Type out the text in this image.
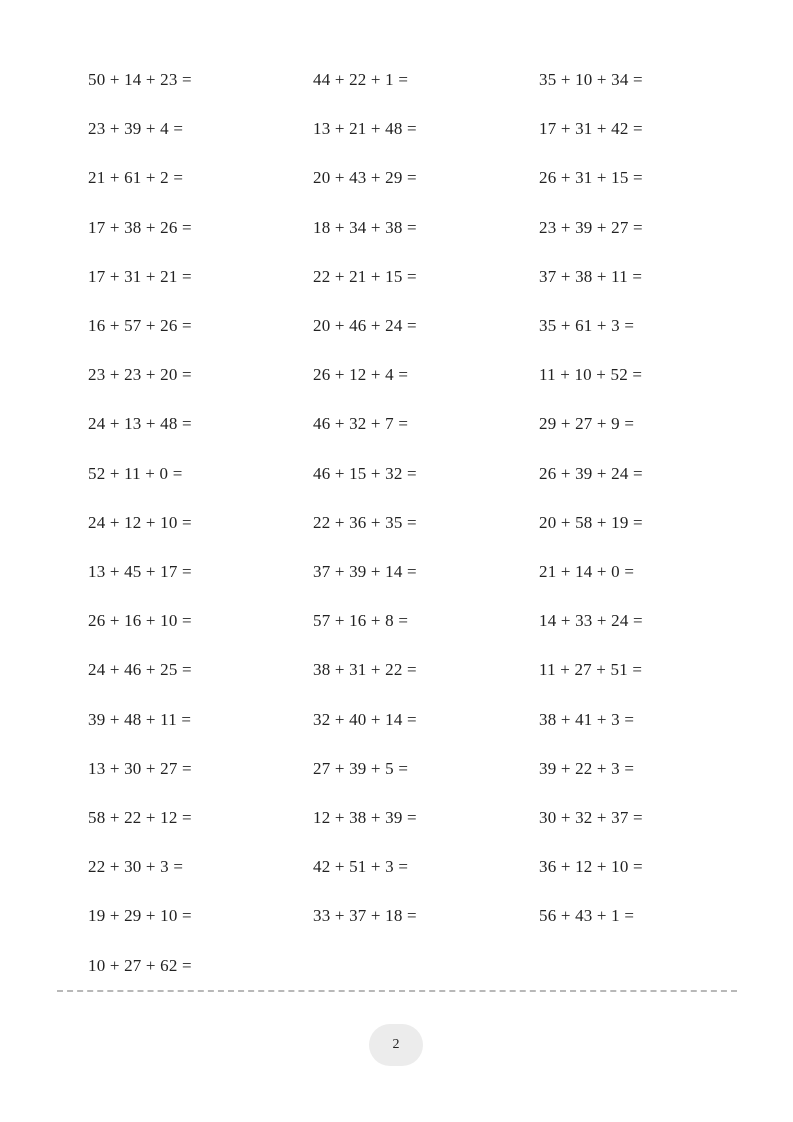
50 + 14 + 23 =
23 + 39 + 4 =
21 + 61 + 2 =
17 + 38 + 26 =
17 + 31 + 21 =
16 + 57 + 26 =
23 + 23 + 20 =
24 + 13 + 48 =
52 + 11 + 0 =
24 + 12 + 10 =
13 + 45 + 17 =
26 + 16 + 10 =
24 + 46 + 25 =
39 + 48 + 11 =
13 + 30 + 27 =
58 + 22 + 12 =
22 + 30 + 3 =
19 + 29 + 10 =
10 + 27 + 62 =
44 + 22 + 1 =
13 + 21 + 48 =
20 + 43 + 29 =
18 + 34 + 38 =
22 + 21 + 15 =
20 + 46 + 24 =
26 + 12 + 4 =
46 + 32 + 7 =
46 + 15 + 32 =
22 + 36 + 35 =
37 + 39 + 14 =
57 + 16 + 8 =
38 + 31 + 22 =
32 + 40 + 14 =
27 + 39 + 5 =
12 + 38 + 39 =
42 + 51 + 3 =
33 + 37 + 18 =
35 + 10 + 34 =
17 + 31 + 42 =
26 + 31 + 15 =
23 + 39 + 27 =
37 + 38 + 11 =
35 + 61 + 3 =
11 + 10 + 52 =
29 + 27 + 9 =
26 + 39 + 24 =
20 + 58 + 19 =
21 + 14 + 0 =
14 + 33 + 24 =
11 + 27 + 51 =
38 + 41 + 3 =
39 + 22 + 3 =
30 + 32 + 37 =
36 + 12 + 10 =
56 + 43 + 1 =
2
